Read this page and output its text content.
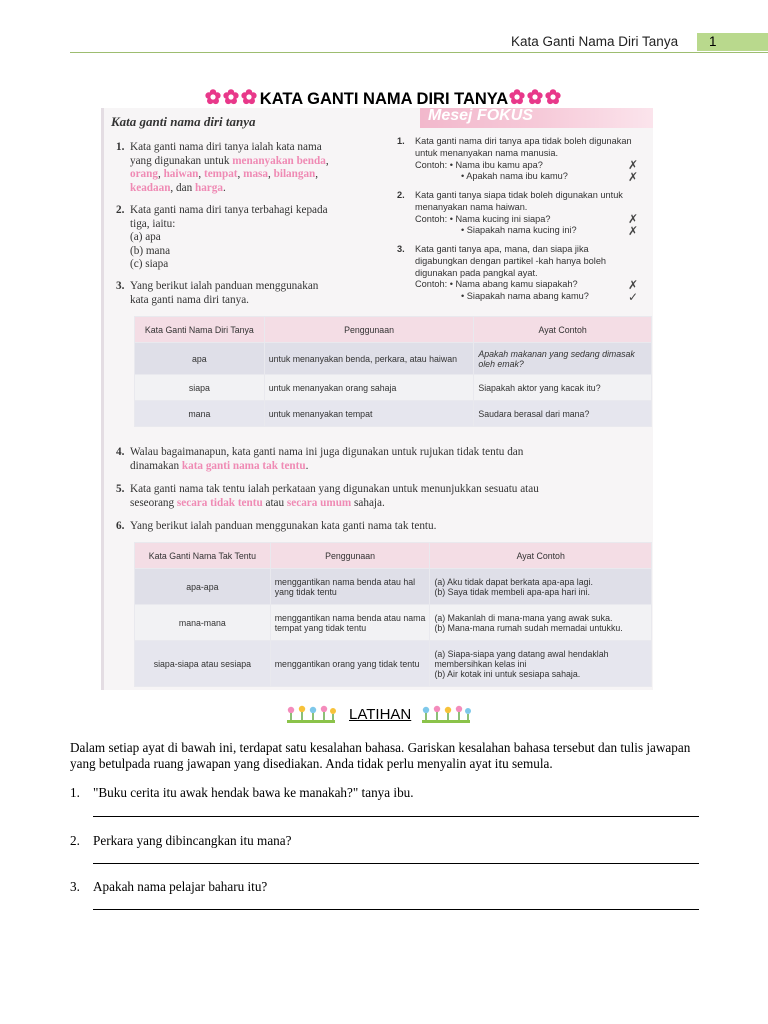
Kata Ganti Nama Diri Tanya 1
KATA GANTI NAMA DIRI TANYA
Kata ganti nama diri tanya	Mesej FOKUS
1. Kata ganti nama diri tanya ialah kata nama
yang digunakan untuk menanyakan benda,
orang, haiwan, tempat, masa, bilangan,
keadaan, dan harga.
2. Kata ganti nama diri tanya terbahagi kepada
tiga, iaitu:
(a) apa
(b) mana
(c) siapa
3. Yang berikut ialah panduan menggunakan
kata ganti nama diri tanya.
1. Kata ganti nama diri tanya apa tidak boleh digunakan
untuk menanyakan nama manusia.
Contoh: • Nama ibu kamu apa?
• Apakah nama ibu kamu?
✗
✗
2. Kata ganti tanya siapa tidak boleh digunakan untuk
menanyakan nama haiwan.
Contoh: • Nama kucing ini siapa?
• Siapakah nama kucing ini?
✗
✗
3. Kata ganti tanya apa, mana, dan siapa jika
digabungkan dengan partikel -kah hanya boleh
digunakan pada pangkal ayat.
Contoh: • Nama abang kamu siapakah?
• Siapakah nama abang kamu?
✗
✓
Kata Ganti Nama Diri Tanya	Penggunaan	Ayat Contoh
apa	untuk menanyakan benda, perkara, atau haiwan	Apakah makanan yang sedang dimasak oleh emak?
siapa	untuk menanyakan orang sahaja	Siapakah aktor yang kacak itu?
mana	untuk menanyakan tempat	Saudara berasal dari mana?
4. Walau bagaimanapun, kata ganti nama ini juga digunakan untuk rujukan tidak tentu dan
dinamakan kata ganti nama tak tentu.
5. Kata ganti nama tak tentu ialah perkataan yang digunakan untuk menunjukkan sesuatu atau
seseorang secara tidak tentu atau secara umum sahaja.
6. Yang berikut ialah panduan menggunakan kata ganti nama tak tentu.
Kata Ganti Nama Tak Tentu	Penggunaan	Ayat Contoh
apa-apa	menggantikan nama benda atau hal yang tidak tentu	(a) Aku tidak dapat berkata apa-apa lagi.
(b) Saya tidak membeli apa-apa hari ini.
mana-mana	menggantikan nama benda atau nama tempat yang tidak tentu	(a) Makanlah di mana-mana yang awak suka.
(b) Mana-mana rumah sudah memadai untukku.
siapa-siapa atau sesiapa	menggantikan orang yang tidak tentu	(a) Siapa-siapa yang datang awal hendaklah membersihkan kelas ini
(b) Air kotak ini untuk sesiapa sahaja.
LATIHAN
Dalam setiap ayat di bawah ini, terdapat satu kesalahan bahasa. Gariskan kesalahan bahasa tersebut dan tulis jawapan yang betulpada ruang jawapan yang disediakan. Anda tidak perlu menyalin ayat itu semula.
1. "Buku cerita itu awak hendak bawa ke manakah?" tanya ibu.
2. Perkara yang dibincangkan itu mana?
3. Apakah nama pelajar baharu itu?
